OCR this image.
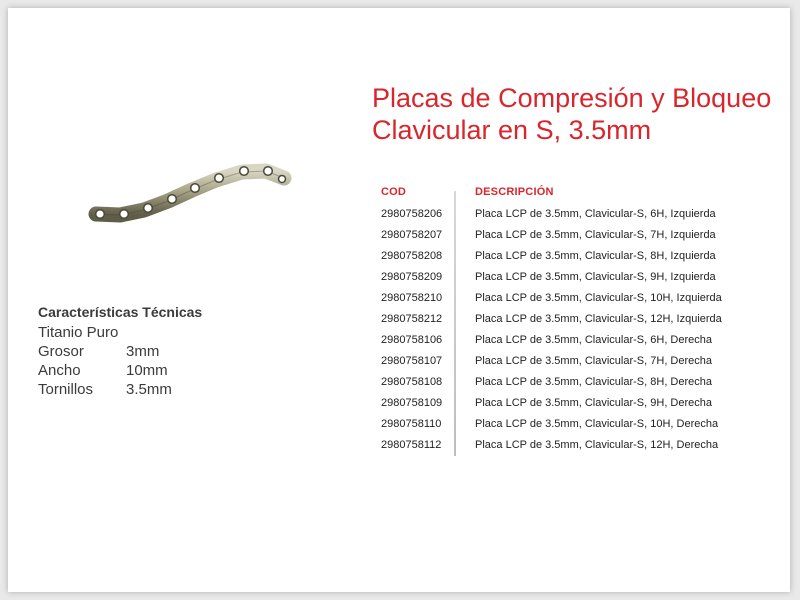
Placas de Compresión y Bloqueo
Clavicular en S, 3.5mm
Características Técnicas
Titanio Puro
Grosor	3mm
Ancho	10mm
Tornillos 3.5mm
COD	DESCRIPCIÓN
2980758206	Placa LCP de 3.5mm, Clavicular-S, 6H, Izquierda
2980758207	Placa LCP de 3.5mm, Clavicular-S, 7H, Izquierda
2980758208	Placa LCP de 3.5mm, Clavicular-S, 8H, Izquierda
2980758209	Placa LCP de 3.5mm, Clavicular-S, 9H, Izquierda
2980758210	Placa LCP de 3.5mm, Clavicular-S, 10H, Izquierda
2980758212	Placa LCP de 3.5mm, Clavicular-S, 12H, Izquierda
2980758106	Placa LCP de 3.5mm, Clavicular-S, 6H, Derecha
2980758107	Placa LCP de 3.5mm, Clavicular-S, 7H, Derecha
2980758108	Placa LCP de 3.5mm, Clavicular-S, 8H, Derecha
2980758109	Placa LCP de 3.5mm, Clavicular-S, 9H, Derecha
2980758110	Placa LCP de 3.5mm, Clavicular-S, 10H, Derecha
2980758112	Placa LCP de 3.5mm, Clavicular-S, 12H, Derecha
